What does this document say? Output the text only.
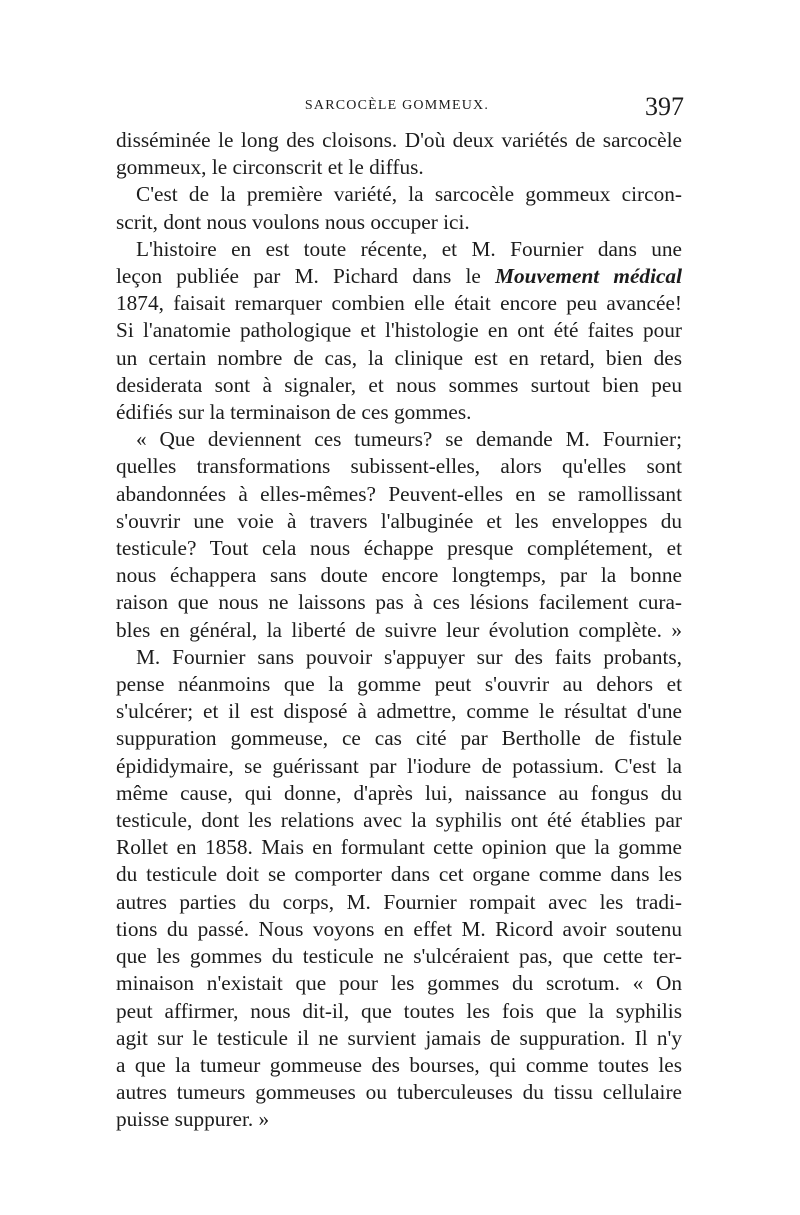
SARCOCÈLE GOMMEUX.	397
disséminée le long des cloisons. D'où deux variétés de sarcocèle
gommeux, le circonscrit et le diffus.
C'est de la première variété, la sarcocèle gommeux circon-
scrit, dont nous voulons nous occuper ici.
L'histoire en est toute récente, et M. Fournier dans une
leçon publiée par M. Pichard dans le Mouvement médical
1874, faisait remarquer combien elle était encore peu avancée!
Si l'anatomie pathologique et l'histologie en ont été faites pour
un certain nombre de cas, la clinique est en retard, bien des
desiderata sont à signaler, et nous sommes surtout bien peu
édifiés sur la terminaison de ces gommes.
« Que deviennent ces tumeurs? se demande M. Fournier;
quelles transformations subissent-elles, alors qu'elles sont
abandonnées à elles-mêmes? Peuvent-elles en se ramollissant
s'ouvrir une voie à travers l'albuginée et les enveloppes du
testicule? Tout cela nous échappe presque complétement, et
nous échappera sans doute encore longtemps, par la bonne
raison que nous ne laissons pas à ces lésions facilement cura-
bles en général, la liberté de suivre leur évolution complète. »
M. Fournier sans pouvoir s'appuyer sur des faits probants,
pense néanmoins que la gomme peut s'ouvrir au dehors et
s'ulcérer; et il est disposé à admettre, comme le résultat d'une
suppuration gommeuse, ce cas cité par Bertholle de fistule
épididymaire, se guérissant par l'iodure de potassium. C'est la
même cause, qui donne, d'après lui, naissance au fongus du
testicule, dont les relations avec la syphilis ont été établies par
Rollet en 1858. Mais en formulant cette opinion que la gomme
du testicule doit se comporter dans cet organe comme dans les
autres parties du corps, M. Fournier rompait avec les tradi-
tions du passé. Nous voyons en effet M. Ricord avoir soutenu
que les gommes du testicule ne s'ulcéraient pas, que cette ter-
minaison n'existait que pour les gommes du scrotum. « On
peut affirmer, nous dit-il, que toutes les fois que la syphilis
agit sur le testicule il ne survient jamais de suppuration. Il n'y
a que la tumeur gommeuse des bourses, qui comme toutes les
autres tumeurs gommeuses ou tuberculeuses du tissu cellulaire
puisse suppurer. »
